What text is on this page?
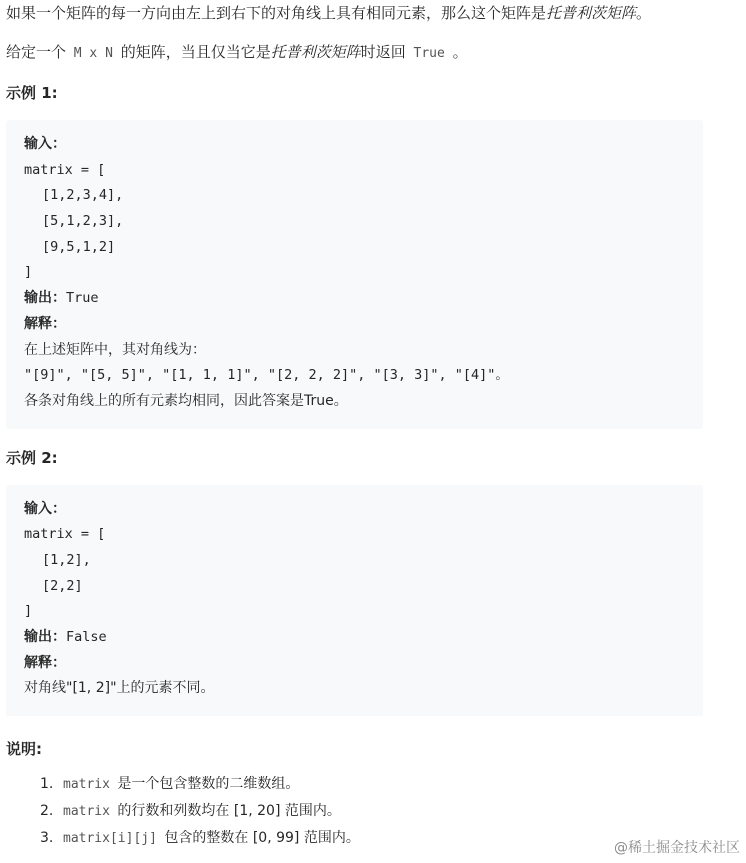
如果一个矩阵的每一方向由左上到右下的对角线上具有相同元素，那么这个矩阵是托普利茨矩阵。

给定一个 M x N 的矩阵，当且仅当它是托普利茨矩阵时返回 True 。

示例 1:
输入：
matrix = [
[1,2,3,4],
[5,1,2,3],
[9,5,1,2]
]
输出：True
解释：
在上述矩阵中，其对角线为：
"[9]", "[5, 5]", "[1, 1, 1]", "[2, 2, 2]", "[3, 3]", "[4]"。
各条对角线上的所有元素均相同，因此答案是True。
示例 2:
输入：
matrix = [
[1,2],
[2,2]
]
输出：False
解释：
对角线"[1, 2]"上的元素不同。
说明:
1. matrix 是一个包含整数的二维数组。
2. matrix 的行数和列数均在 [1, 20] 范围内。
3. matrix[i][j] 包含的整数在 [0, 99] 范围内。
@稀土掘金技术社区
